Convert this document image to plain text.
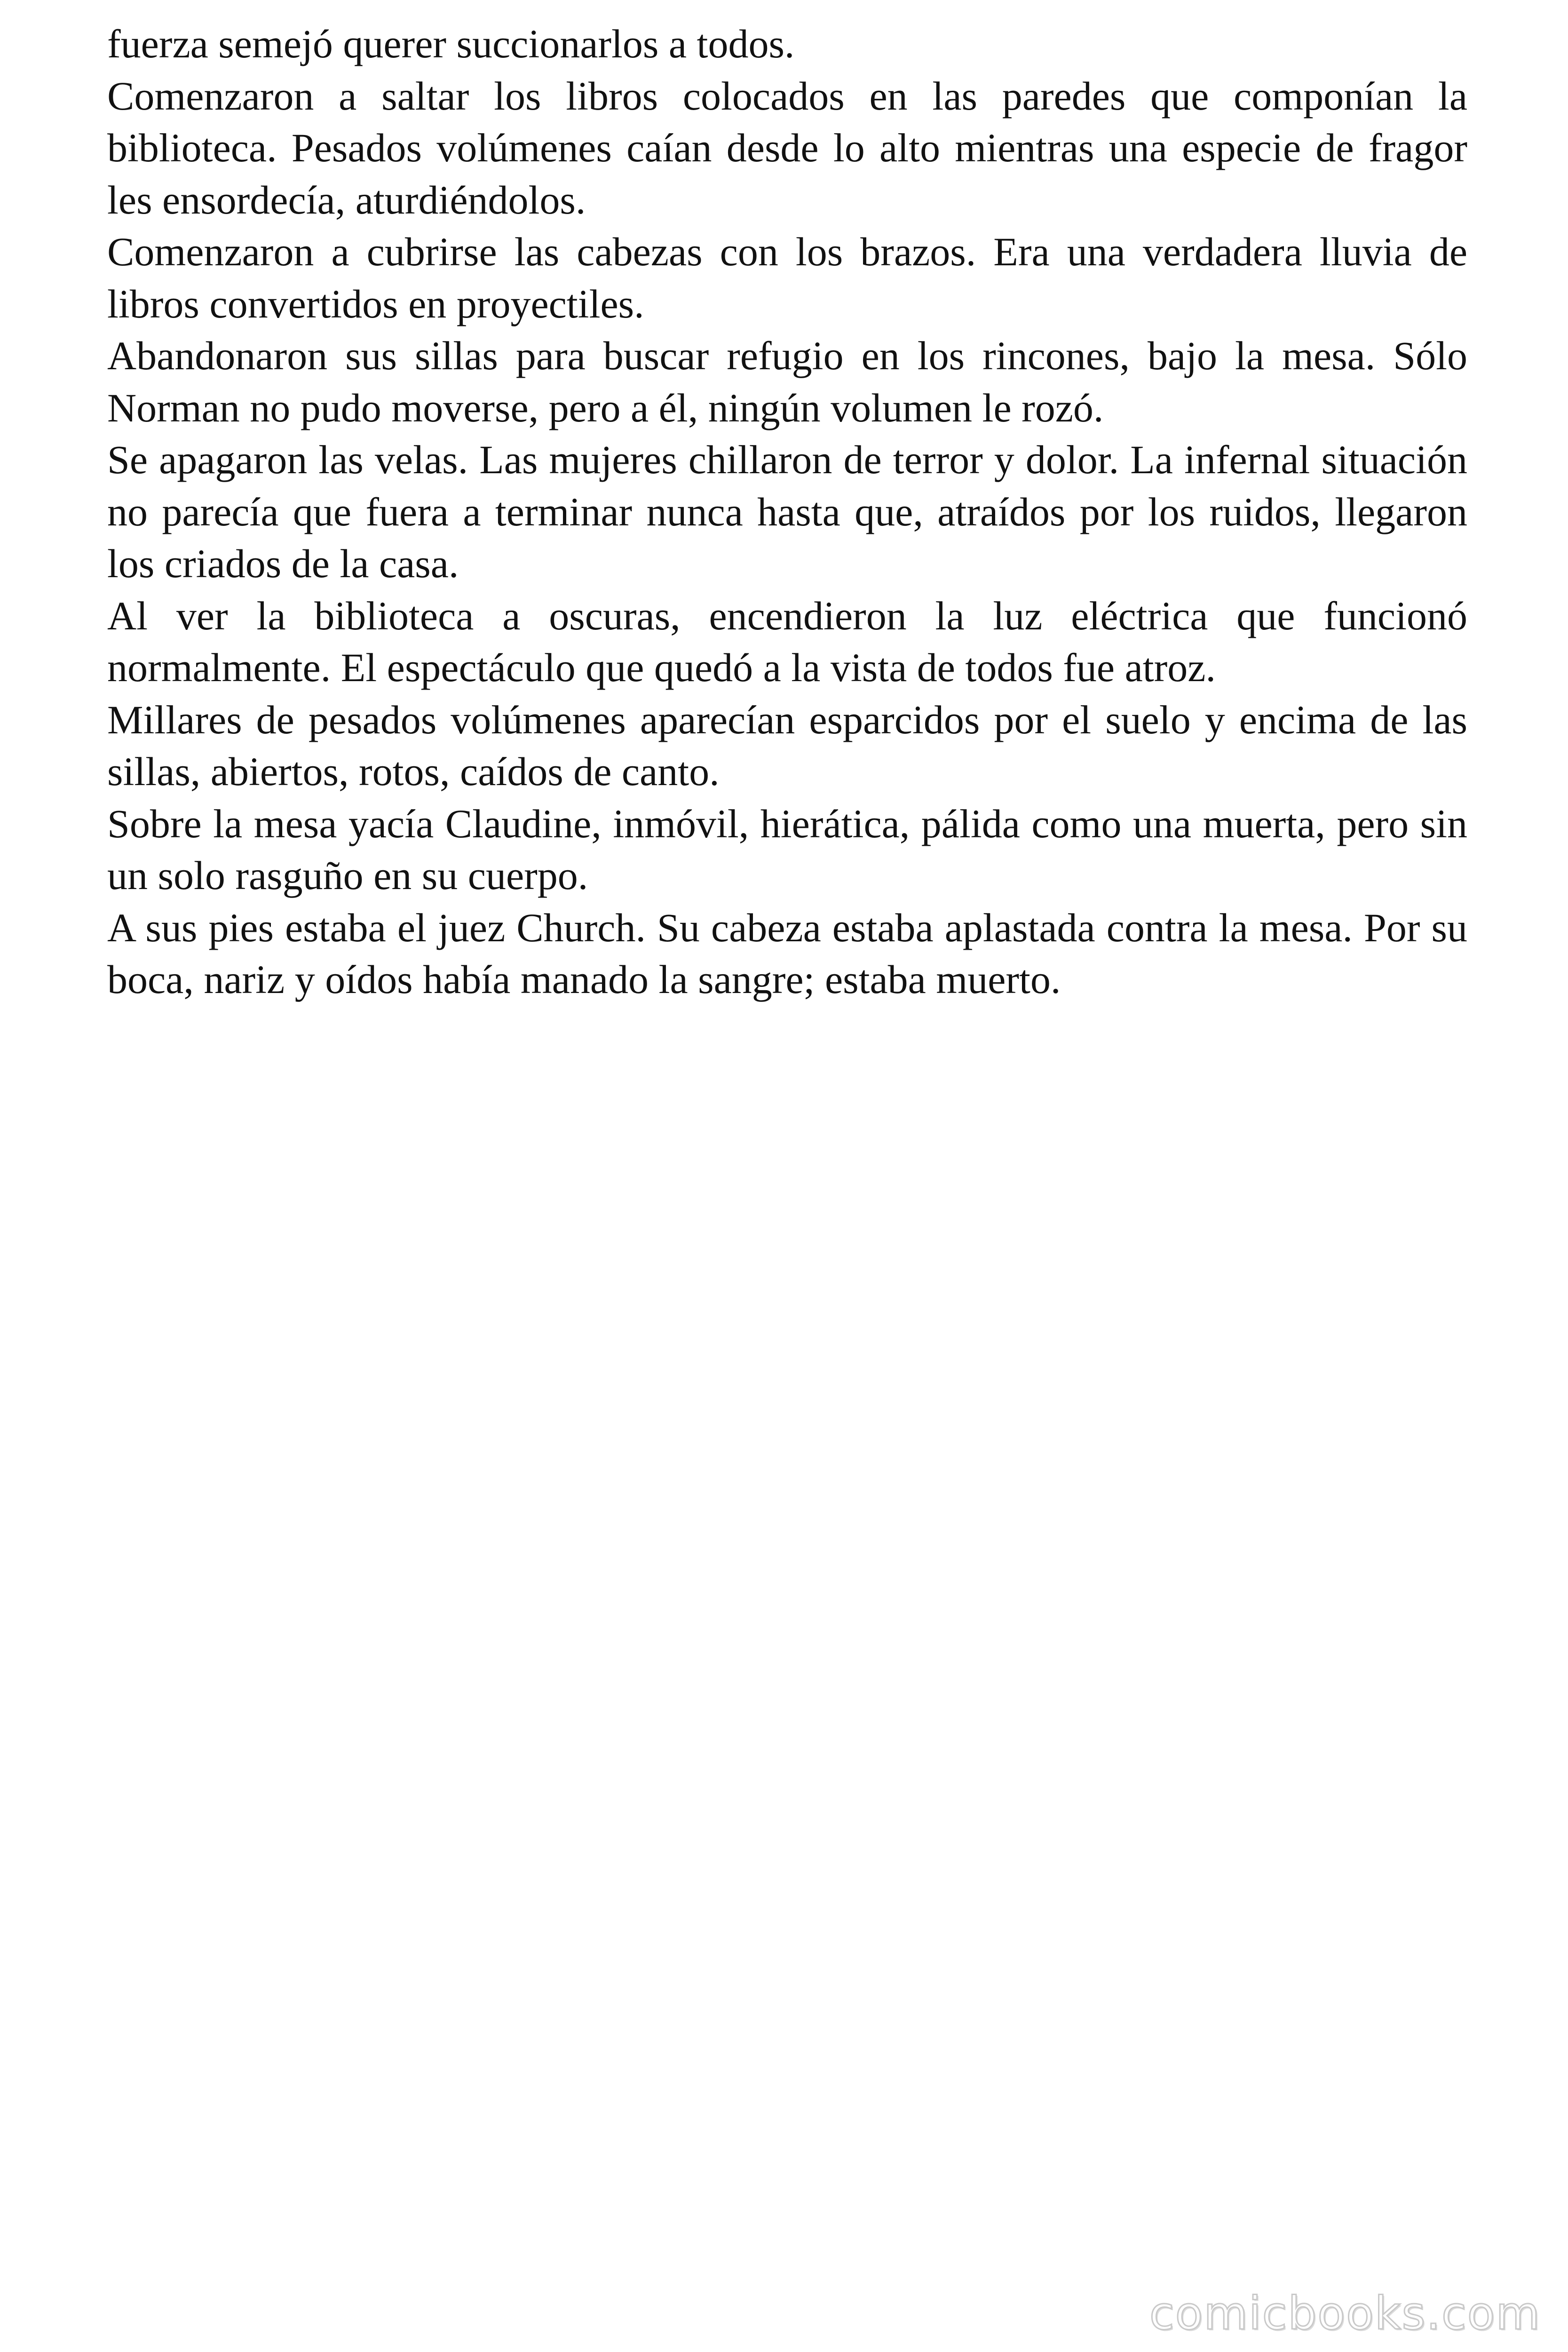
fuerza semejó querer succionarlos a todos.

Comenzaron a saltar los libros colocados en las paredes que componían la biblioteca. Pesados volúmenes caían desde lo alto mientras una especie de fragor les ensordecía, aturdiéndolos.

Comenzaron a cubrirse las cabezas con los brazos. Era una verdadera lluvia de libros convertidos en proyectiles.

Abandonaron sus sillas para buscar refugio en los rincones, bajo la mesa. Sólo Norman no pudo moverse, pero a él, ningún volumen le rozó.

Se apagaron las velas. Las mujeres chillaron de terror y dolor. La infernal situación no parecía que fuera a terminar nunca hasta que, atraídos por los ruidos, llegaron los criados de la casa.

Al ver la biblioteca a oscuras, encendieron la luz eléctrica que funcionó normalmente. El espectáculo que quedó a la vista de todos fue atroz.

Millares de pesados volúmenes aparecían esparcidos por el suelo y encima de las sillas, abiertos, rotos, caídos de canto.

Sobre la mesa yacía Claudine, inmóvil, hierática, pálida como una muerta, pero sin un solo rasguño en su cuerpo.

A sus pies estaba el juez Church. Su cabeza estaba aplastada contra la mesa. Por su boca, nariz y oídos había manado la sangre; estaba muerto.

comicbooks.com
